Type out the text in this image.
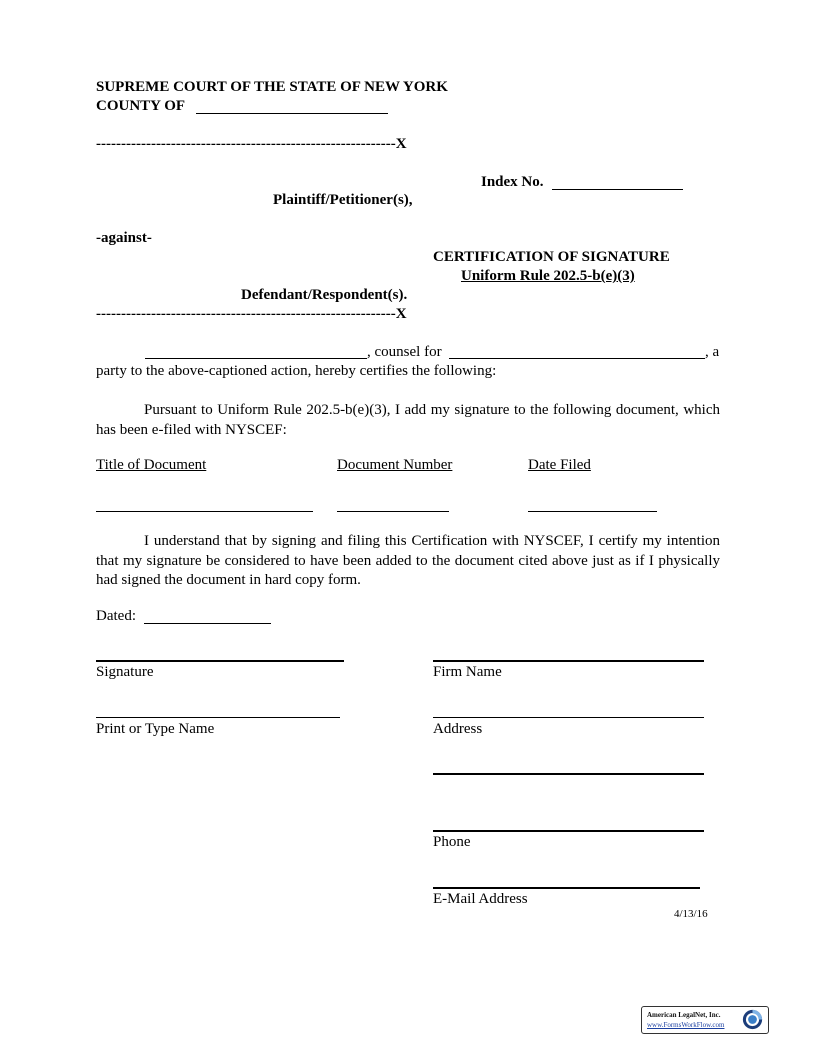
SUPREME COURT OF THE STATE OF NEW YORK
COUNTY OF
------------------------------------------------------------X
Index No.
Plaintiff/Petitioner(s),
-against-
CERTIFICATION OF SIGNATURE
Uniform Rule 202.5-b(e)(3)
Defendant/Respondent(s).
------------------------------------------------------------X
, counsel for	, a
party to the above-captioned action, hereby certifies the following:
Pursuant to Uniform Rule 202.5-b(e)(3), I add my signature to the following document, which has been e-filed with NYSCEF:
Title of Document	Document Number	Date Filed
I understand that by signing and filing this Certification with NYSCEF, I certify my intention that my signature be considered to have been added to the document cited above just as if I physically had signed the document in hard copy form.
Dated:
Signature
Print or Type Name
Firm Name
Address
Phone
E-Mail Address
4/13/16
American LegalNet, Inc.
www.FormsWorkFlow.com
